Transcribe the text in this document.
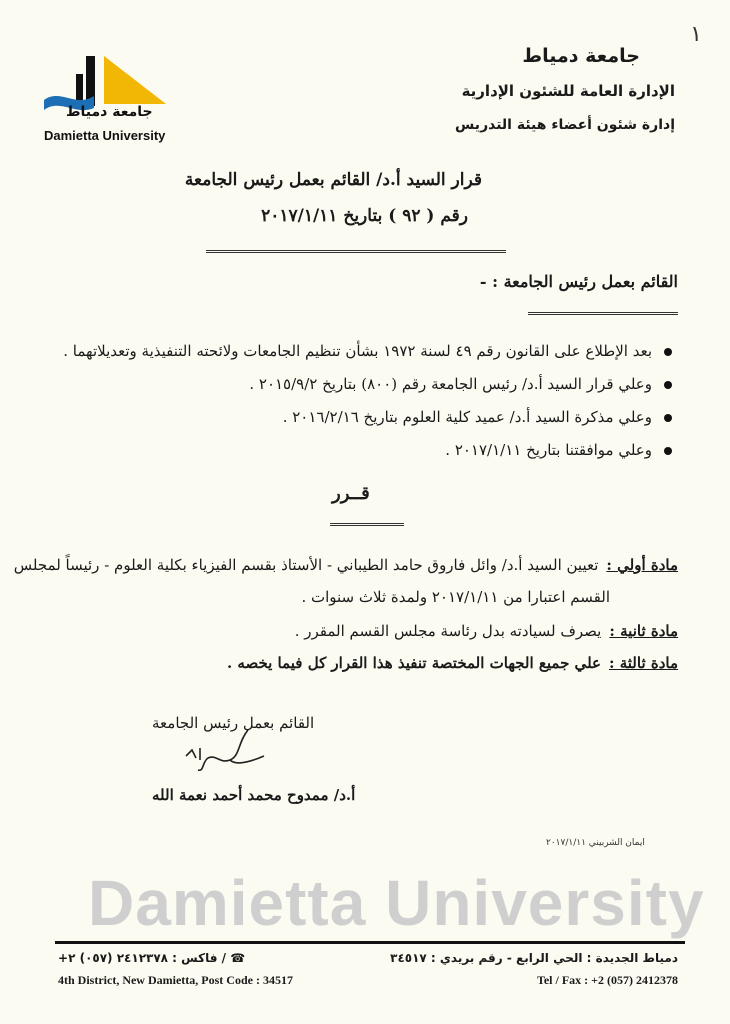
١
جامعة دمياط
Damietta University
جامعة دمياط
الإدارة العامة للشئون الإدارية
إدارة شئون أعضاء هيئة التدريس
قرار السيد أ.د/ القائم بعمل رئيس الجامعة
رقم ( ٩٢ ) بتاريخ ٢٠١٧/١/١١
القائم بعمل رئيس الجامعة : -
بعد الإطلاع على القانون رقم ٤٩ لسنة ١٩٧٢ بشأن تنظيم الجامعات ولائحته التنفيذية وتعديلاتهما .
وعلي قرار السيد أ.د/ رئيس الجامعة رقم (٨٠٠) بتاريخ ٢٠١٥/٩/٢ .
وعلي مذكرة السيد أ.د/ عميد كلية العلوم بتاريخ ٢٠١٦/٢/١٦ .
وعلي موافقتنا بتاريخ ٢٠١٧/١/١١ .
قــرر
مادة أولي :تعيين السيد أ.د/ وائل فاروق حامد الطيباني - الأستاذ بقسم الفيزياء بكلية العلوم - رئيساً لمجلس
القسم اعتبارا من ٢٠١٧/١/١١ ولمدة ثلاث سنوات .
مادة ثانية :يصرف لسيادته بدل رئاسة مجلس القسم المقرر .
مادة ثالثة :علي جميع الجهات المختصة تنفيذ هذا القرار كل فيما يخصه .
القائم بعمل رئيس الجامعة
أ.د/ ممدوح محمد أحمد نعمة الله
ايمان الشربيني ٢٠١٧/١/١١
Damietta University
دمياط الجديدة : الحي الرابع - رقم بريدي : ٣٤٥١٧
☎ / فاكس : ٢٤١٢٣٧٨ (٠٥٧) ٢+
4th District, New Damietta, Post Code : 34517	Tel / Fax : +2 (057) 2412378
